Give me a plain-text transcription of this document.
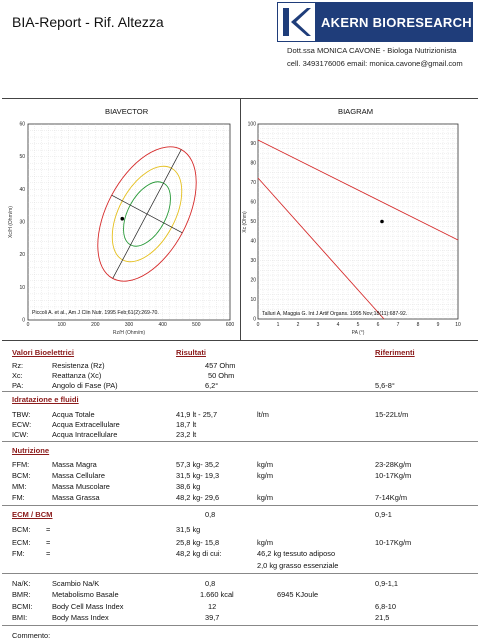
BIA-Report - Rif. Altezza	AKERN BIORESEARCH
Dott.ssa MONICA CAVONE - Biologa Nutrizionista
cell. 3493176006 email: monica.cavone@gmail.com
BIAVECTOR
0	100	200	300	400	500	600
0
10
20
30
40
50
60
Xc/H (Ohm/m)
Rz/H (Ohm/m)
Piccoli A. et al., Am J Clin Nutr. 1995 Feb;61(2):269-70.
BIAGRAM
0	1	2	3	4	5	6	7	8	9	10
0
10
20
30
40
50
60
70
80
90
100
Xc (Ohm)
PA (°)
Talluri A, Maggia G. Int J Artif Organs. 1995 Nov;18(11):687-92.
Valori Bioelettrici	Risultati	Riferimenti
Rz:	Resistenza (Rz)	457 Ohm
Xc:	Reattanza (Xc)	50 Ohm
PA:	Angolo di Fase (PA)	6,2°	5,6-8°
Idratazione e fluidi
TBW:	Acqua Totale	41,9 lt - 25,7	lt/m	15-22Lt/m
ECW:	Acqua Extracellulare	18,7 lt
ICW:	Acqua Intracellulare	23,2 lt
Nutrizione
FFM:	Massa Magra	57,3 kg- 35,2	kg/m	23-28Kg/m
BCM:	Massa Cellulare	31,5 kg- 19,3	kg/m	10-17Kg/m
MM:	Massa Muscolare	38,6 kg
FM:	Massa Grassa	48,2 kg- 29,6	kg/m	7-14Kg/m
ECM / BCM	0,8	0,9-1
BCM: =	31,5 kg
ECM: =	25,8 kg- 15,8	kg/m	10-17Kg/m
FM:	=	48,2 kg di cui:	46,2 kg tessuto adiposo
2,0 kg grasso essenziale
Na/K:	Scambio Na/K	0,8	0,9-1,1
BMR:	Metabolismo Basale	1.660 kcal	6945 KJoule
BCMI:	Body Cell Mass Index	12	6,8-10
BMI:	Body Mass Index	39,7	21,5
Commento:
